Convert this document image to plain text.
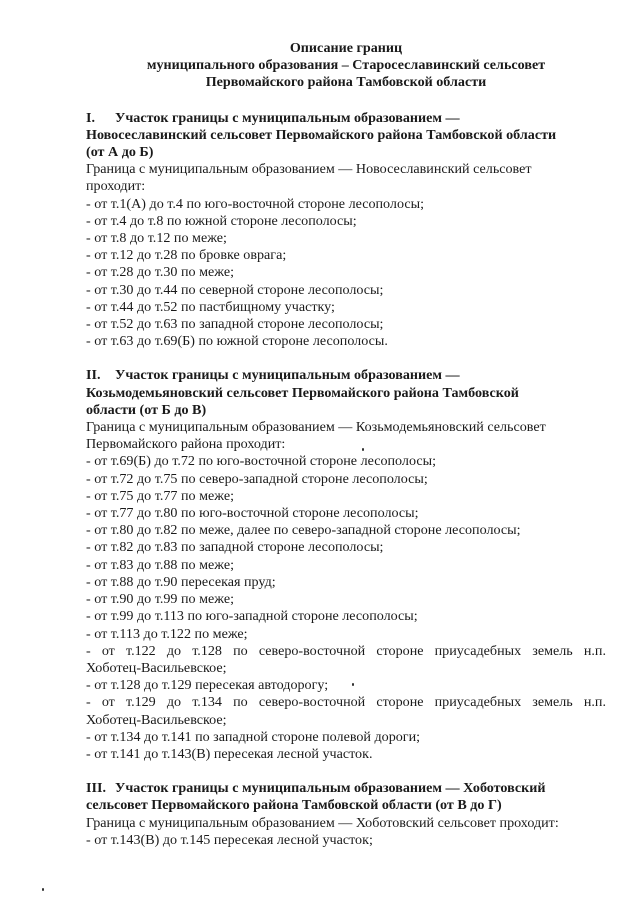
Описание границ
муниципального образования – Старосеславинский сельсовет
Первомайского района Тамбовской области
I. Участок границы с муниципальным образованием —
Новосеславинский сельсовет Первомайского района Тамбовской области
(от А до Б)
Граница с муниципальным образованием — Новосеславинский сельсовет
проходит:
- от т.1(А) до т.4 по юго-восточной стороне лесополосы;
- от т.4 до т.8 по южной стороне лесополосы;
- от т.8 до т.12 по меже;
- от т.12 до т.28 по бровке оврага;
- от т.28 до т.30 по меже;
- от т.30 до т.44 по северной стороне лесополосы;
- от т.44 до т.52 по пастбищному участку;
- от т.52 до т.63 по западной стороне лесополосы;
- от т.63 до т.69(Б) по южной стороне лесополосы.
II. Участок границы с муниципальным образованием —
Козьмодемьяновский сельсовет Первомайского района Тамбовской
области (от Б до В)
Граница с муниципальным образованием — Козьмодемьяновский сельсовет
Первомайского района проходит:
- от т.69(Б) до т.72 по юго-восточной стороне лесополосы;
- от т.72 до т.75 по северо-западной стороне лесополосы;
- от т.75 до т.77 по меже;
- от т.77 до т.80 по юго-восточной стороне лесополосы;
- от т.80 до т.82 по меже, далее по северо-западной стороне лесополосы;
- от т.82 до т.83 по западной стороне лесополосы;
- от т.83 до т.88 по меже;
- от т.88 до т.90 пересекая пруд;
- от т.90 до т.99 по меже;
- от т.99 до т.113 по юго-западной стороне лесополосы;
- от т.113 до т.122 по меже;
- от т.122 до т.128 по северо-восточной стороне приусадебных земель н.п.
Хоботец-Васильевское;
- от т.128 до т.129 пересекая автодорогу;
- от т.129 до т.134 по северо-восточной стороне приусадебных земель н.п.
Хоботец-Васильевское;
- от т.134 до т.141 по западной стороне полевой дороги;
- от т.141 до т.143(В) пересекая лесной участок.
III. Участок границы с муниципальным образованием — Хоботовский
сельсовет Первомайского района Тамбовской области (от В до Г)
Граница с муниципальным образованием — Хоботовский сельсовет проходит:
- от т.143(В) до т.145 пересекая лесной участок;
